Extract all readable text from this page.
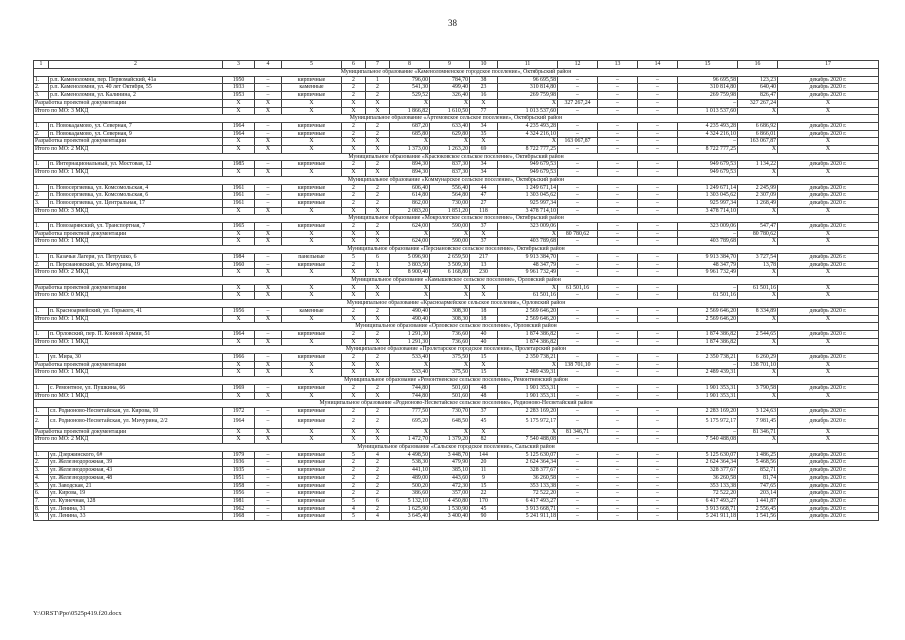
38
1	2	3	4	5	6	7	8	9	10	11	12	13	14	15	16	17	
Муниципальное образование «Каменоломненское городское поселение», Октябрьский район																	
1.	р.п. Каменоломни, пер. Первомайский, 41а	1950	–	кирпичные	2	1	796,00	784,70	38	96 695,58	–	–	–	96 695,58	123,23	декабрь 2020 г.	
2.	р.п. Каменоломни, ул. 40 лет Октября, 55	1933	–	каменные	2	2	541,30	499,40	23	310 814,80	–	–	–	310 814,80	640,40	декабрь 2020 г.	
3.	р.п. Каменоломни, ул. Калинина, 2	1953	–	кирпичные	2	2	529,52	326,40	16	269 759,98	–	–	–	269 759,98	826,47	декабрь 2020 г.	
Разработка проектной документации		X	X	X	X	X	X	X	X	X	327 267,24	–	–	–	327 267,24	X	
Итого по МО: 3 МКД		X	X	X	X	X	1 866,82	1 610,50	77	1 013 537,60	–	–	–	1 013 537,60	X	X	
Муниципальное образование «Артемовское сельское поселение», Октябрьский район																	
1.	п. Новокадамово, ул. Северная, 7	1964	–	кирпичные	2	2	687,20	633,40	34	4 235 493,28	–	–	–	4 235 493,28	6 686,92	декабрь 2020 г.	
2.	п. Новокадамово, ул. Северная, 9	1964	–	кирпичные	2	2	685,80	629,80	35	4 324 216,10	–	–	–	4 324 216,10	6 866,01	декабрь 2020 г.	
Разработка проектной документации		X	X	X	X	X	X	X	X	X	163 067,87	–	–	–	163 067,87	X	
Итого по МО: 2 МКД		X	X	X	X	X	1 373,00	1 263,20	69	8 722 777,25	–	–	–	8 722 777,25	X	X	
Муниципальное образование «Красюковское сельское поселение», Октябрьский район																	
1.	п. Интернациональный, ул. Мостовая, 12	1985	–	кирпичные	2	2	894,30	837,30	34	949 679,53	–	–	–	949 679,53	1 134,22	декабрь 2020 г.	
Итого по МО: 1 МКД		X	X	X	X	X	894,30	837,30	34	949 679,53	–	–	–	949 679,53	X	X	
Муниципальное образование «Коммунарское сельское поселение», Октябрьский район																	
1.	п. Новосергиевка, ул. Комсомольская, 4	1961	–	кирпичные	2	2	606,40	556,40	44	1 249 671,14	–	–	–	1 249 671,14	2 245,99	декабрь 2020 г.	
2.	п. Новосергиевка, ул. Комсомольская, 6	1961	–	кирпичные	2	2	614,80	564,80	47	1 303 045,62	–	–	–	1 303 045,62	2 307,09	декабрь 2020 г.	
3.	п. Новосергиевка, ул. Центральная, 17	1961	–	кирпичные	2	2	862,00	730,00	27	925 997,34	–	–	–	925 997,34	1 268,49	декабрь 2020 г.	
Итого по МО: 3 МКД		X	X	X	X	X	2 083,20	1 851,20	118	3 478 714,10	–	–	–	3 478 714,10	X	X	
Муниципальное образование «Мокрологское сельское поселение», Октябрьский район																	
1.	п. Новозарянский, ул. Транспортная, 7	1965	–	кирпичные	2	2	624,00	590,00	37	323 009,06	–	–	–	323 009,06	547,47	декабрь 2020 г.	
Разработка проектной документации		X	X	X	X	X	X	X	X	X	80 780,62	–	–	–	80 780,62	X	
Итого по МО: 1 МКД		X	X	X	X	X	624,00	590,00	37	403 789,68	–	–	–	403 789,68	X	X	
Муниципальное образование «Персиановское сельское поселение», Октябрьский район																	
1.	п. Казачьи Лагери, ул. Петрушко, 6	1984	–	панельные	5	6	5 096,90	2 659,50	217	9 913 384,70	–	–	–	9 913 384,70	3 727,54	декабрь 2026 г.	
2.	п. Персиановский, ул. Мичурина, 19	1960	–	кирпичные	2	1	3 803,50	3 509,30	13	48 347,79	–	–	–	48 347,79	13,78	декабрь 2020 г.	
Итого по МО: 2 МКД		X	X	X	X	X	8 900,40	6 168,80	230	9 961 732,49	–	–	–	9 961 732,49	X	X	
Муниципальное образование «Камышевское сельское поселение», Орловский район																	
Разработка проектной документации		X	X	X	X	X	X	X	X	X	61 501,16	–	–	–	61 501,16	X	
Итого по МО: 0 МКД		X	X	X	X	X	X	X	X	61 501,16	–	–	–	61 501,16	X	X	
Муниципальное образование «Красноармейское сельское поселение», Орловский район																	
1.	п. Красноармейский, ул. Горького, 41	1956	–	каменные	2	2	490,40	308,30	18	2 569 646,20	–	–	–	2 569 646,20	8 334,89	декабрь 2020 г.	
Итого по МО: 1 МКД		X	X	X	X	X	490,40	308,30	18	2 569 646,20	–	–	–	2 569 646,20	X	X	
Муниципальное образование «Орловское сельское поселение», Орловский район																	
1.	п. Орловский, пер. П. Конной Армии, 51	1964	–	кирпичные	2	2	1 291,30	736,60	40	1 874 386,82	–	–	–	1 874 386,82	2 544,65	декабрь 2020 г.	
Итого по МО: 1 МКД		X	X	X	X	X	1 291,30	736,60	40	1 874 386,82	–	–	–	1 874 386,82	X	X	
Муниципальное образование «Пролетарское городское поселение», Пролетарский район																	
1.	ул. Мира, 30	1966	–	кирпичные	2	2	533,40	375,50	15	2 350 738,21	–	–	–	2 350 738,21	6 260,29	декабрь 2020 г.	
Разработка проектной документации		X	X	X	X	X	X	X	X	X	138 701,10	–	–	–	138 701,10	X	
Итого по МО: 1 МКД		X	X	X	X	X	533,40	375,50	15	2 489 439,31	–	–	–	2 489 439,31	X	X	
Муниципальное образование «Ремонтненское сельское поселение», Ремонтненский район																	
1.	с. Ремонтное, ул. Пушкина, 66	1969	–	кирпичные	2	2	744,80	501,60	48	1 901 353,31	–	–	–	1 901 353,31	3 790,58	декабрь 2020 г.	
Итого по МО: 1 МКД		X	X	X	X	X	744,80	501,60	48	1 901 353,31	–	–	–	1 901 353,31	X	X	
Муниципальное образование «Родионово-Несветайское сельское поселение», Родионово-Несветайский район																	
1.	сл. Родионово-Несветайская, ул. Кирова, 10	1972	–	кирпичные	2	2	777,50	730,70	37	2 283 169,20	–	–	–	2 283 169,20	3 124,63	декабрь 2020 г.	
2.	сл. Родионово-Несветайская, ул. Мичурина, 2/2	1964	–	кирпичные	2	2	695,20	648,50	45	5 175 972,17	–	–	–	5 175 972,17	7 981,45	декабрь 2020 г.	
Разработка проектной документации		X	X	X	X	X	X	X	X	X	81 346,71	–	–	–	81 346,71	X	
Итого по МО: 2 МКД		X	X	X	X	X	1 472,70	1 379,20	82	7 540 488,08	–	–	–	7 540 488,08	X	X	
Муниципальное образование «Сальское городское поселение», Сальский район																	
1.	ул. Дзержинского, 6#	1979	–	кирпичные	5	4	4 498,50	3 448,70	144	5 125 630,07	–	–	–	5 125 630,07	1 486,25	декабрь 2020 г.	
2.	ул. Железнодорожная, 39	1936	–	кирпичные	2	2	538,30	479,90	20	2 624 364,34	–	–	–	2 624 364,34	5 468,56	декабрь 2020 г.	
3.	ул. Железнодорожная, 43	1935	–	кирпичные	2	2	441,10	385,10	11	328 377,67	–	–	–	328 377,67	852,71	декабрь 2020 г.	
4.	ул. Железнодорожная, 48	1951	–	кирпичные	2	2	489,00	443,60	9	36 260,58	–	–	–	36 260,58	81,74	декабрь 2020 г.	
5.	ул. Заводская, 21	1958	–	кирпичные	2	2	500,20	472,30	15	353 133,38	–	–	–	353 133,38	747,65	декабрь 2020 г.	
6.	ул. Кирова, 19	1956	–	кирпичные	2	2	386,60	357,00	22	72 522,20	–	–	–	72 522,20	203,14	декабрь 2020 г.	
7.	ул. Кузнечная, 128	1981	–	кирпичные	5	6	5 132,10	4 450,80	170	6 417 493,27	–	–	–	6 417 493,27	1 441,87	декабрь 2020 г.	
8.	ул. Ленина, 31	1962	–	кирпичные	4	2	1 625,90	1 530,90	45	3 913 668,71	–	–	–	3 913 668,71	2 556,45	декабрь 2020 г.	
9.	ул. Ленина, 33	1968	–	кирпичные	5	4	3 645,40	3 400,40	90	5 241 911,18	–	–	–	5 241 911,18	1 541,56	декабрь 2020 г.	
Y:\ORST\Ppo\0525p419.f20.docx
